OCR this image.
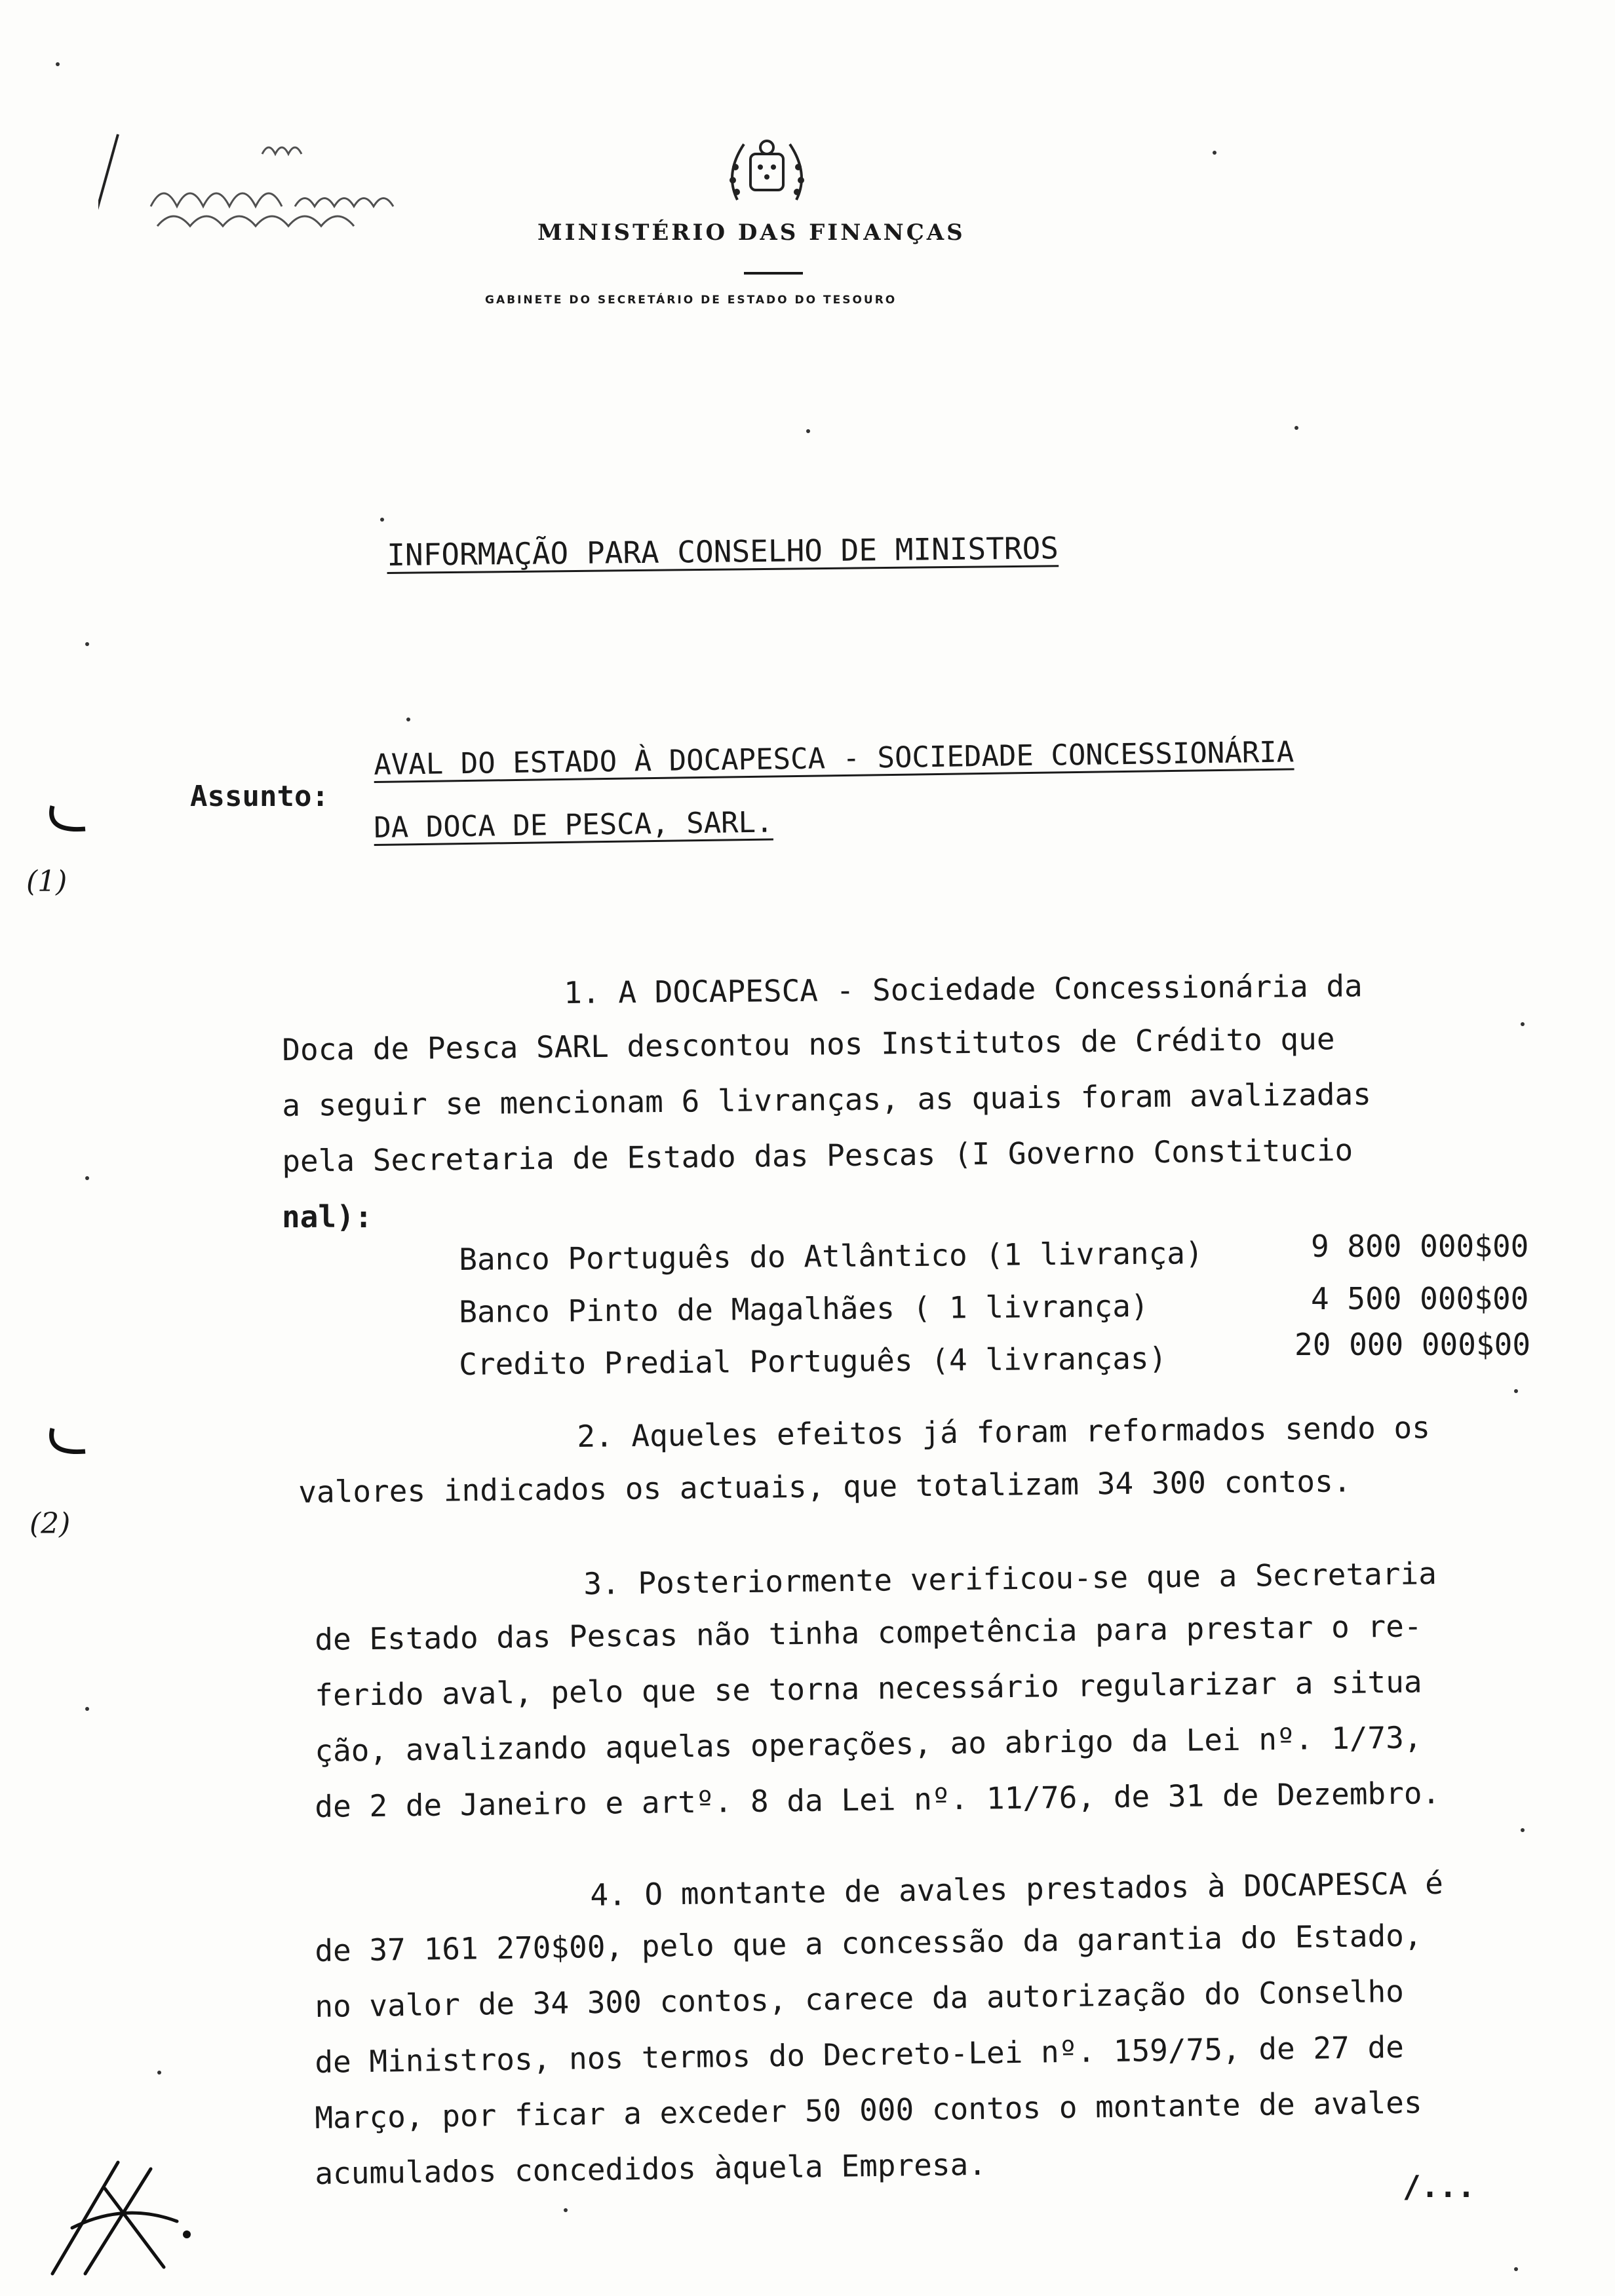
MINISTÉRIO DAS FINANÇAS
GABINETE DO SECRETÁRIO DE ESTADO DO TESOURO
INFORMAÇÃO PARA CONSELHO DE MINISTROS
Assunto:
AVAL DO ESTADO À DOCAPESCA - SOCIEDADE CONCESSIONÁRIA
DA DOCA DE PESCA, SARL.
(1)
(2)
1. A DOCAPESCA - Sociedade Concessionária da
Doca de Pesca SARL descontou nos Institutos de Crédito que
a seguir se mencionam 6 livranças, as quais foram avalizadas
pela Secretaria de Estado das Pescas (I Governo Constitucio
nal):
Banco Português do Atlântico (1 livrança)	9 800 000$00
Banco Pinto de Magalhães ( 1 livrança)	4 500 000$00
Credito Predial Português (4 livranças)	20 000 000$00
2. Aqueles efeitos já foram reformados sendo os
valores indicados os actuais, que totalizam 34 300 contos.
3. Posteriormente verificou-se que a Secretaria
de Estado das Pescas não tinha competência para prestar o re-
ferido aval, pelo que se torna necessário regularizar a situa
ção, avalizando aquelas operações, ao abrigo da Lei nº. 1/73,
de 2 de Janeiro e artº. 8 da Lei nº. 11/76, de 31 de Dezembro.
4. O montante de avales prestados à DOCAPESCA é
de 37 161 270$00, pelo que a concessão da garantia do Estado,
no valor de 34 300 contos, carece da autorização do Conselho
de Ministros, nos termos do Decreto-Lei nº. 159/75, de 27 de
Março, por ficar a exceder 50 000 contos o montante de avales
acumulados concedidos àquela Empresa.	/...
